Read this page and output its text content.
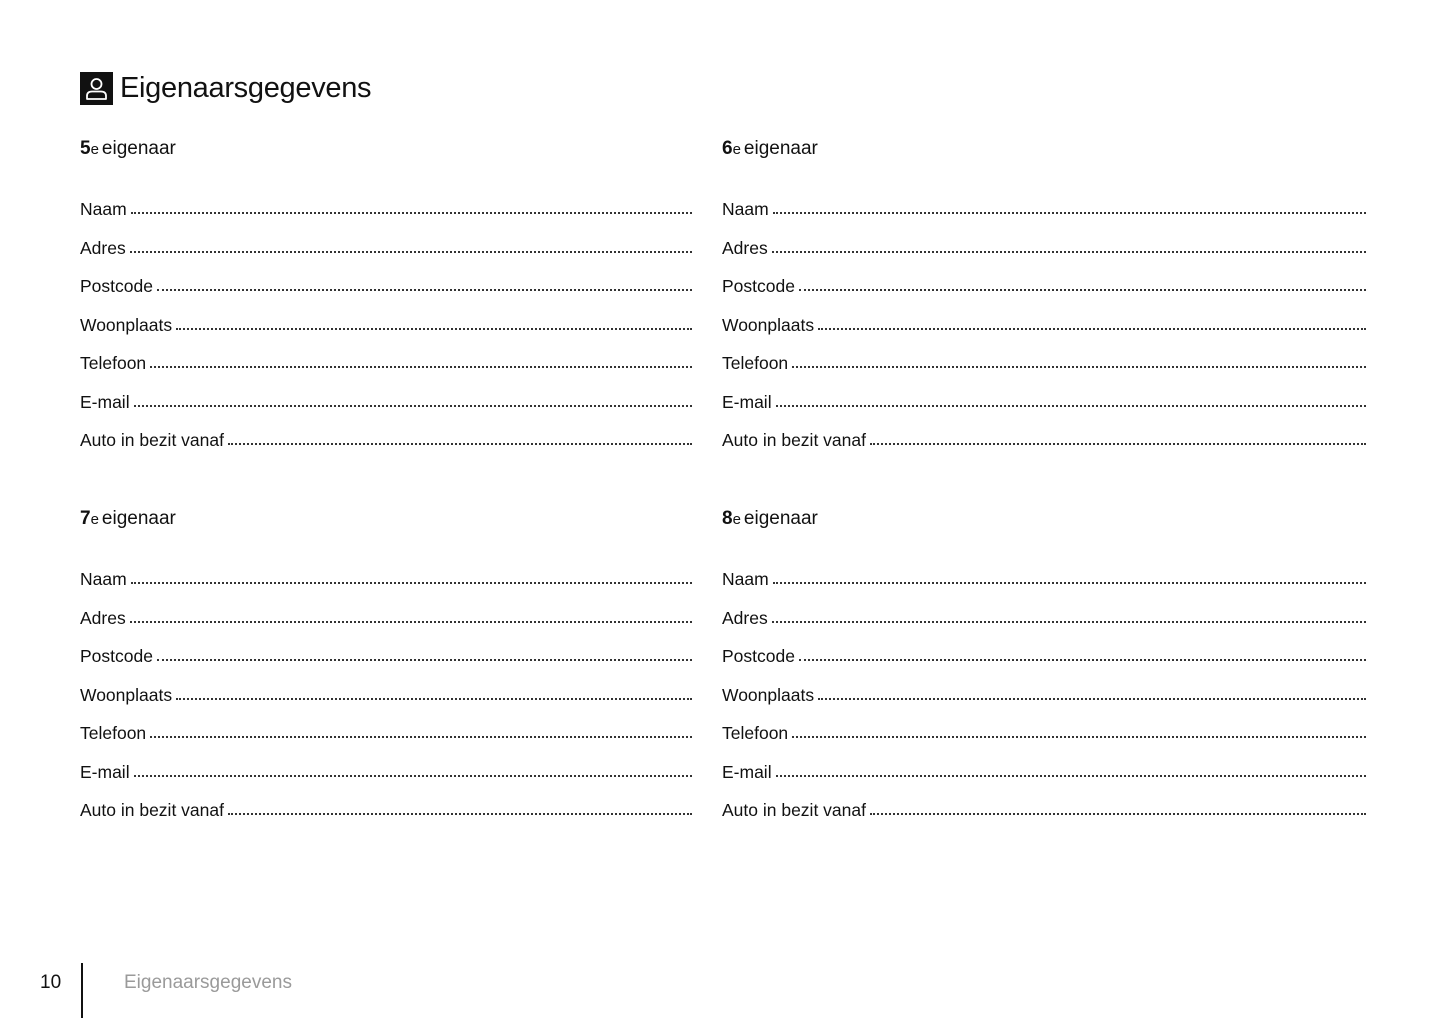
Eigenaarsgegevens
5e eigenaar
Naam
Adres
Postcode
Woonplaats
Telefoon
E-mail
Auto in bezit vanaf
6e eigenaar
Naam
Adres
Postcode
Woonplaats
Telefoon
E-mail
Auto in bezit vanaf
7e eigenaar
Naam
Adres
Postcode
Woonplaats
Telefoon
E-mail
Auto in bezit vanaf
8e eigenaar
Naam
Adres
Postcode
Woonplaats
Telefoon
E-mail
Auto in bezit vanaf
10	Eigenaarsgegevens
